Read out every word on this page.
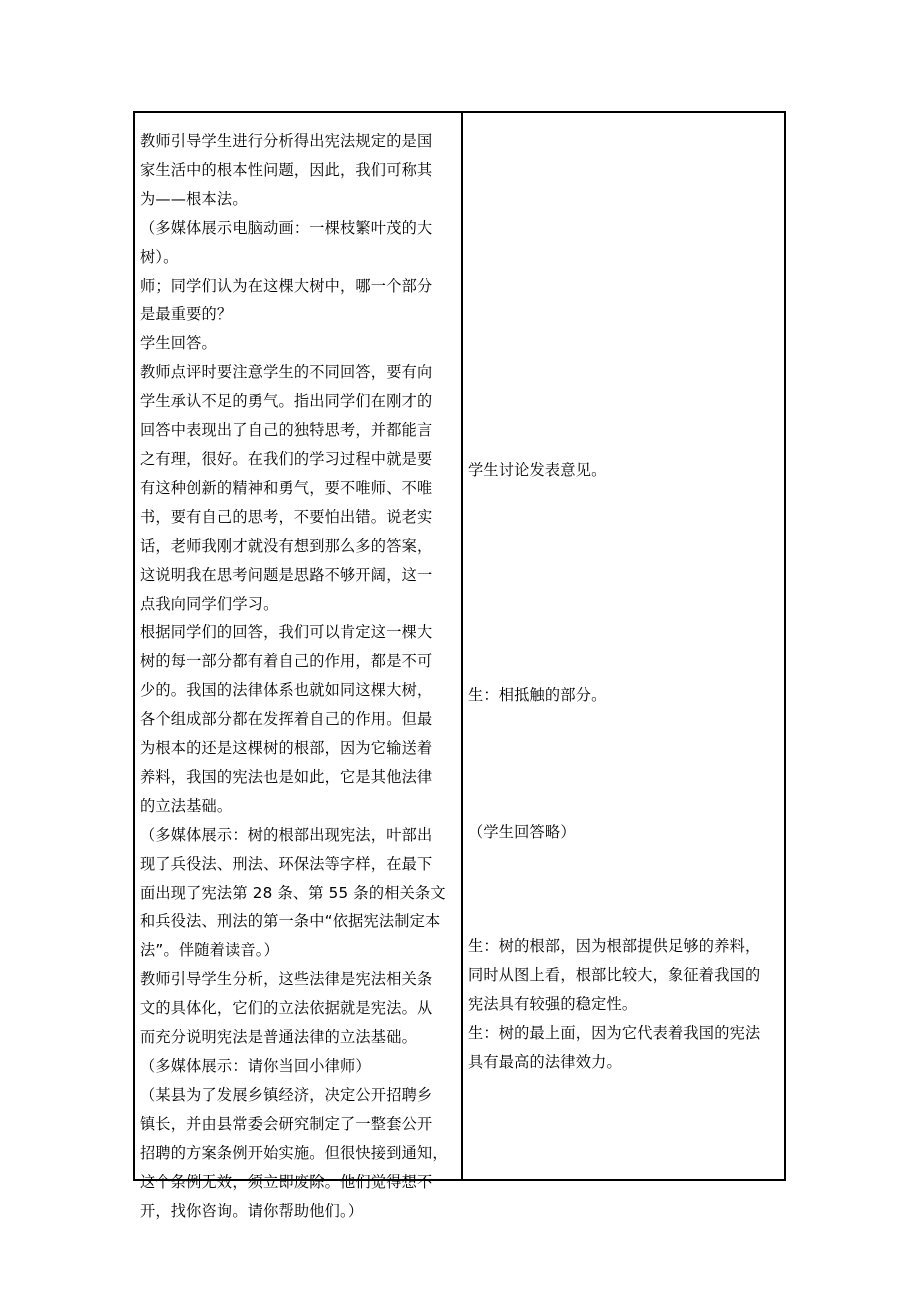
教师引导学生进行分析得出宪法规定的是国
家生活中的根本性问题，因此，我们可称其
为——根本法。
（多媒体展示电脑动画：一棵枝繁叶茂的大
树）。
师；同学们认为在这棵大树中，哪一个部分
是最重要的？
学生回答。
教师点评时要注意学生的不同回答，要有向
学生承认不足的勇气。指出同学们在刚才的
回答中表现出了自己的独特思考，并都能言
之有理，很好。在我们的学习过程中就是要
有这种创新的精神和勇气，要不唯师、不唯
书，要有自己的思考，不要怕出错。说老实
话，老师我刚才就没有想到那么多的答案，
这说明我在思考问题是思路不够开阔，这一
点我向同学们学习。
根据同学们的回答，我们可以肯定这一棵大
树的每一部分都有着自己的作用，都是不可
少的。我国的法律体系也就如同这棵大树，
各个组成部分都在发挥着自己的作用。但最
为根本的还是这棵树的根部，因为它输送着
养料，我国的宪法也是如此，它是其他法律
的立法基础。
（多媒体展示：树的根部出现宪法，叶部出
现了兵役法、刑法、环保法等字样，在最下
面出现了宪法第 28 条、第 55 条的相关条文
和兵役法、刑法的第一条中“依据宪法制定本
法”。伴随着读音。）
教师引导学生分析，这些法律是宪法相关条
文的具体化，它们的立法依据就是宪法。从
而充分说明宪法是普通法律的立法基础。
（多媒体展示：请你当回小律师）
（某县为了发展乡镇经济，决定公开招聘乡
镇长，并由县常委会研究制定了一整套公开
招聘的方案条例开始实施。但很快接到通知，
这个条例无效，须立即废除。他们觉得想不
开，找你咨询。请你帮助他们。）
学生讨论发表意见。
生：相抵触的部分。
（学生回答略）
生：树的根部，因为根部提供足够的养料，
同时从图上看，根部比较大，象征着我国的
宪法具有较强的稳定性。
生：树的最上面，因为它代表着我国的宪法
具有最高的法律效力。
